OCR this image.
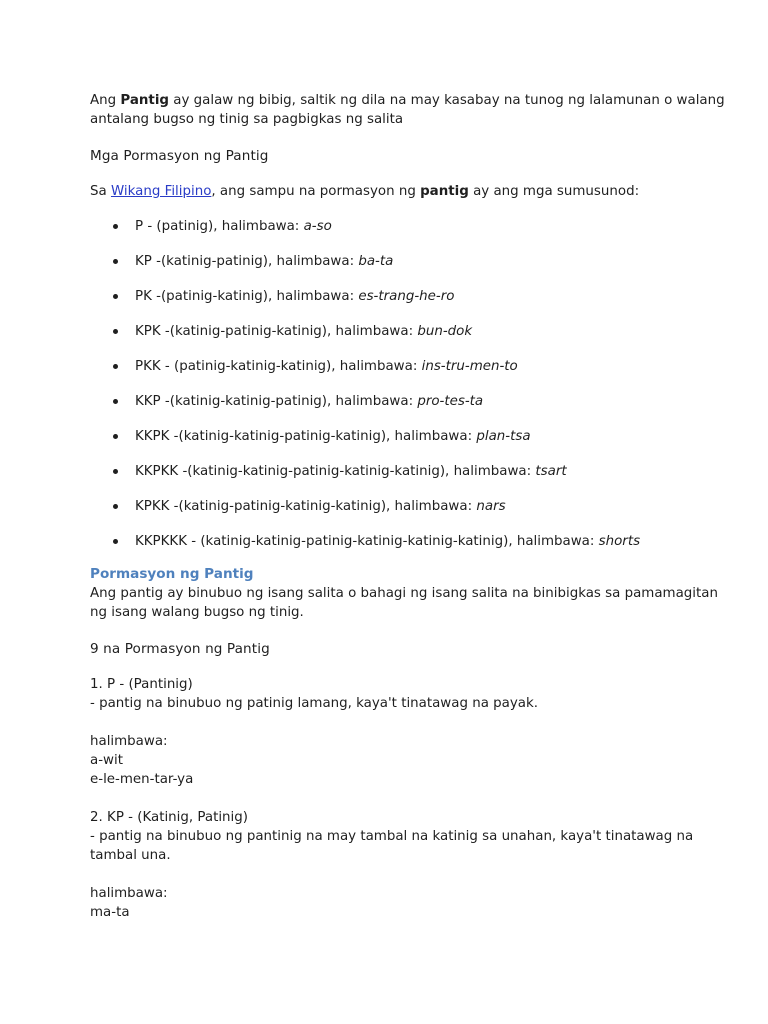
Ang Pantig ay galaw ng bibig, saltik ng dila na may kasabay na tunog ng lalamunan o walang antalang bugso ng tinig sa pagbigkas ng salita

Mga Pormasyon ng Pantig

Sa Wikang Filipino, ang sampu na pormasyon ng pantig ay ang mga sumusunod:

P - (patinig), halimbawa: a-so
KP -(katinig-patinig), halimbawa: ba-ta
PK -(patinig-katinig), halimbawa: es-trang-he-ro
KPK -(katinig-patinig-katinig), halimbawa: bun-dok
PKK - (patinig-katinig-katinig), halimbawa: ins-tru-men-to
KKP -(katinig-katinig-patinig), halimbawa: pro-tes-ta
KKPK -(katinig-katinig-patinig-katinig), halimbawa: plan-tsa
KKPKK -(katinig-katinig-patinig-katinig-katinig), halimbawa: tsart
KPKK -(katinig-patinig-katinig-katinig), halimbawa: nars
KKPKKK - (katinig-katinig-patinig-katinig-katinig-katinig), halimbawa: shorts
Pormasyon ng Pantig

Ang pantig ay binubuo ng isang salita o bahagi ng isang salita na binibigkas sa pamamagitan ng isang walang bugso ng tinig.

9 na Pormasyon ng Pantig
1. P - (Pantinig)
- pantig na binubuo ng patinig lamang, kaya't tinatawag na payak.
halimbawa:
a-wit
e-le-men-tar-ya
2. KP - (Katinig, Patinig)
- pantig na binubuo ng pantinig na may tambal na katinig sa unahan, kaya't tinatawag na tambal una.
halimbawa:
ma-ta
